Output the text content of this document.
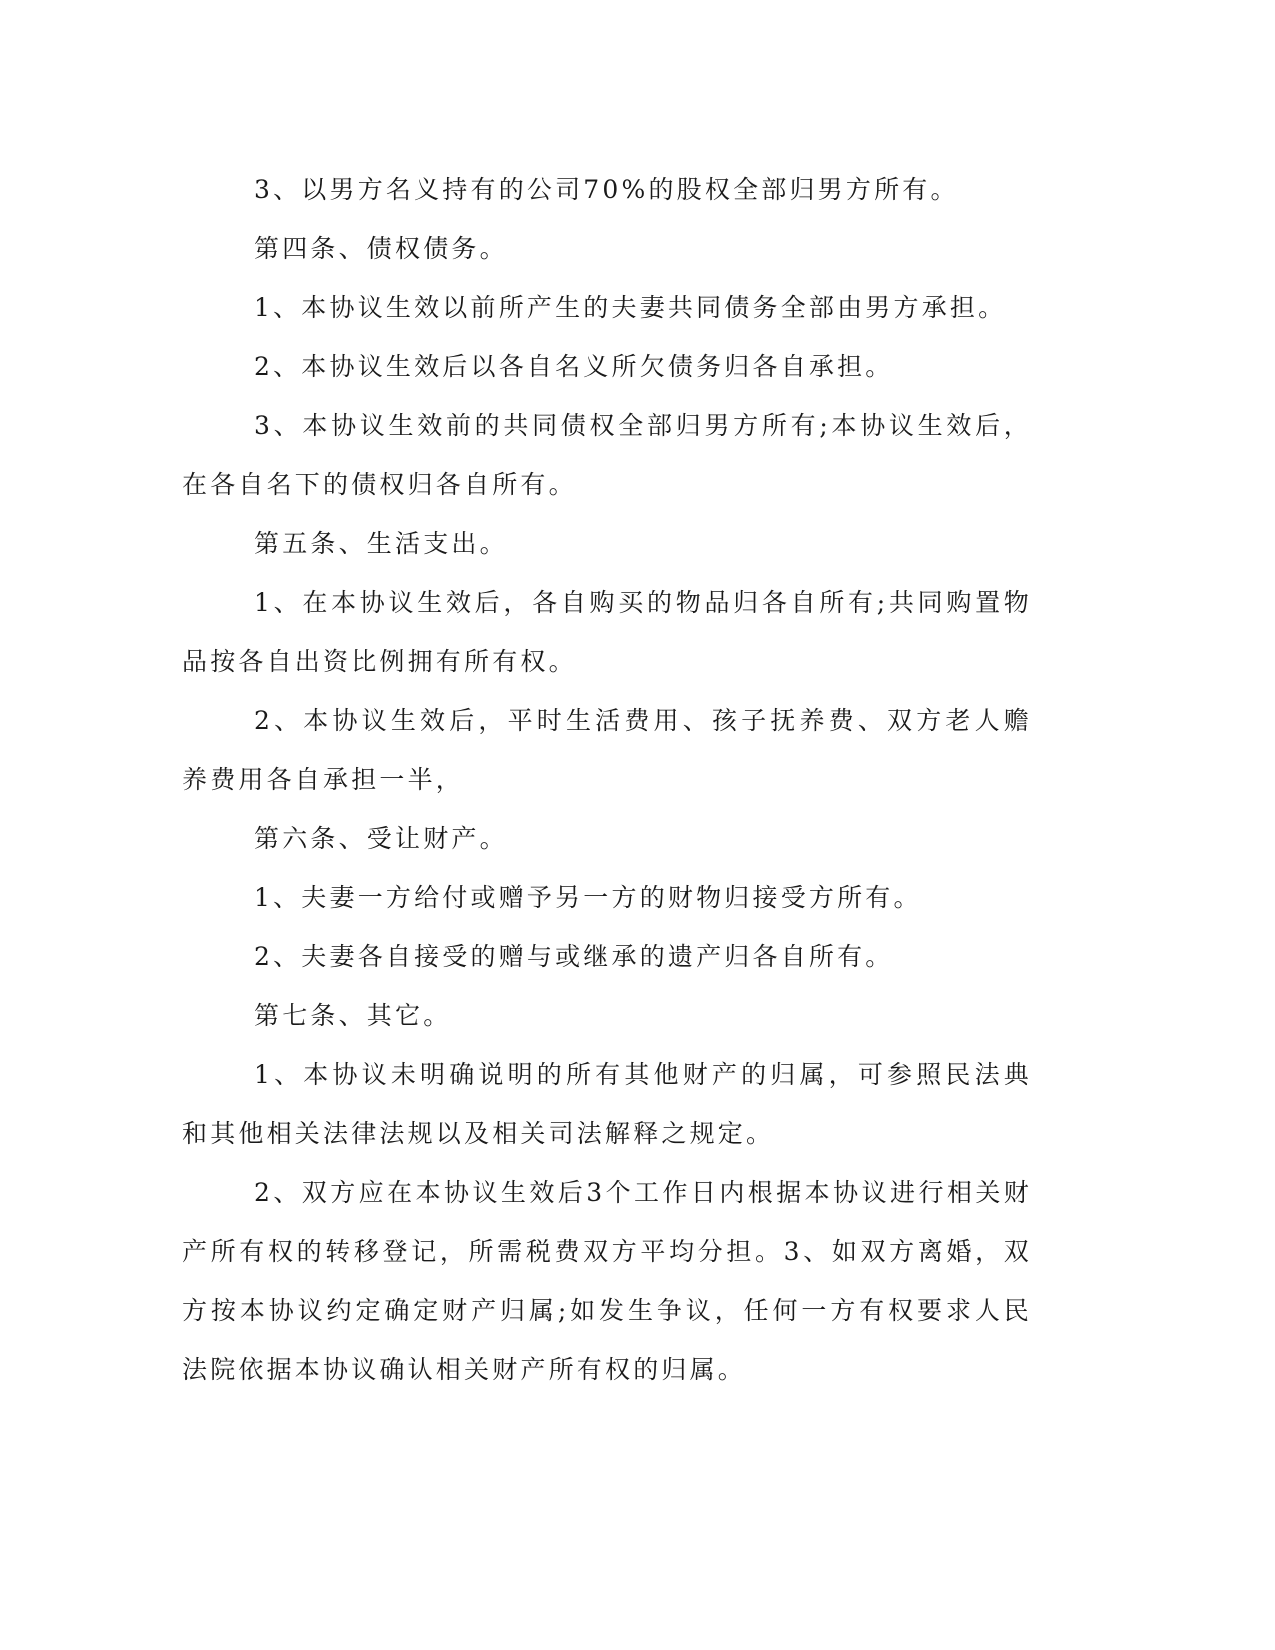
3、以男方名义持有的公司70%的股权全部归男方所有。

第四条、债权债务。

1、本协议生效以前所产生的夫妻共同债务全部由男方承担。

2、本协议生效后以各自名义所欠债务归各自承担。

3、本协议生效前的共同债权全部归男方所有;本协议生效后，在各自名下的债权归各自所有。

第五条、生活支出。

1、在本协议生效后，各自购买的物品归各自所有;共同购置物品按各自出资比例拥有所有权。

2、本协议生效后，平时生活费用、孩子抚养费、双方老人赡养费用各自承担一半，

第六条、受让财产。

1、夫妻一方给付或赠予另一方的财物归接受方所有。

2、夫妻各自接受的赠与或继承的遗产归各自所有。

第七条、其它。

1、本协议未明确说明的所有其他财产的归属，可参照民法典和其他相关法律法规以及相关司法解释之规定。

2、双方应在本协议生效后3个工作日内根据本协议进行相关财产所有权的转移登记，所需税费双方平均分担。3、如双方离婚，双方按本协议约定确定财产归属;如发生争议，任何一方有权要求人民法院依据本协议确认相关财产所有权的归属。
